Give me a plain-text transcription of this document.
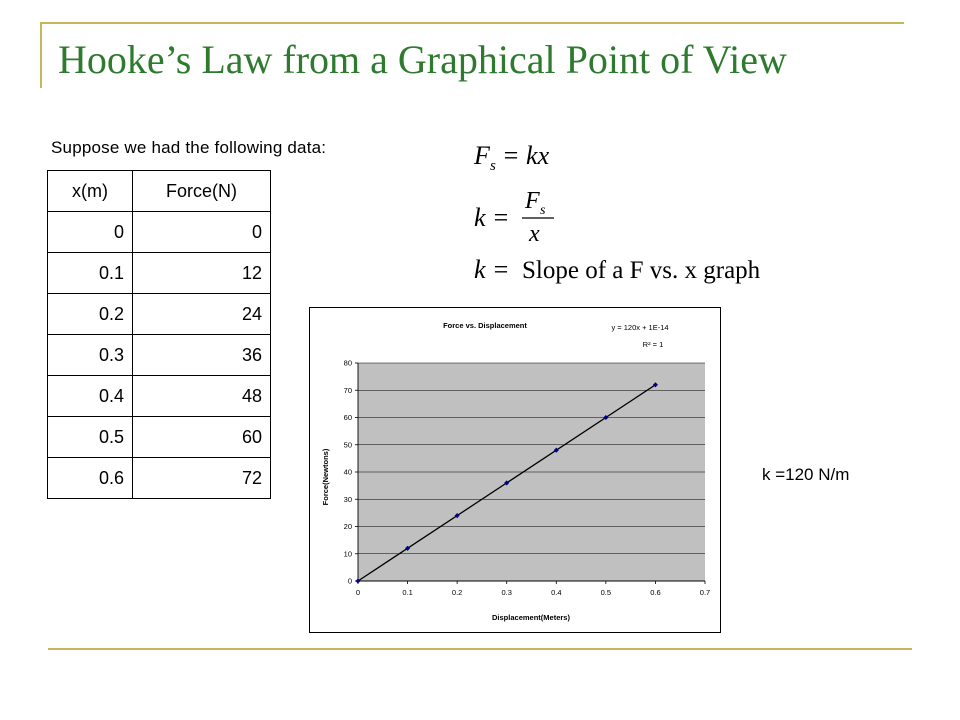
Hooke’s Law from a Graphical Point of View
Suppose we had the following data:	F s = kx
k =
F s
x
k = Slope of a F vs. x graph
x(m)	Force(N)
0	0
0.1	12
0.2	24
0.3	36
0.4	48
0.5	60
0.6	72
0
10
20
30
40
50
60
70
80
0	0.1	0.2	0.3	0.4	0.5	0.6	0.7
Force vs. Displacement	y = 120x + 1E-14
R² = 1
Displacement(Meters)
Force(Newtons)	k =120 N/m
